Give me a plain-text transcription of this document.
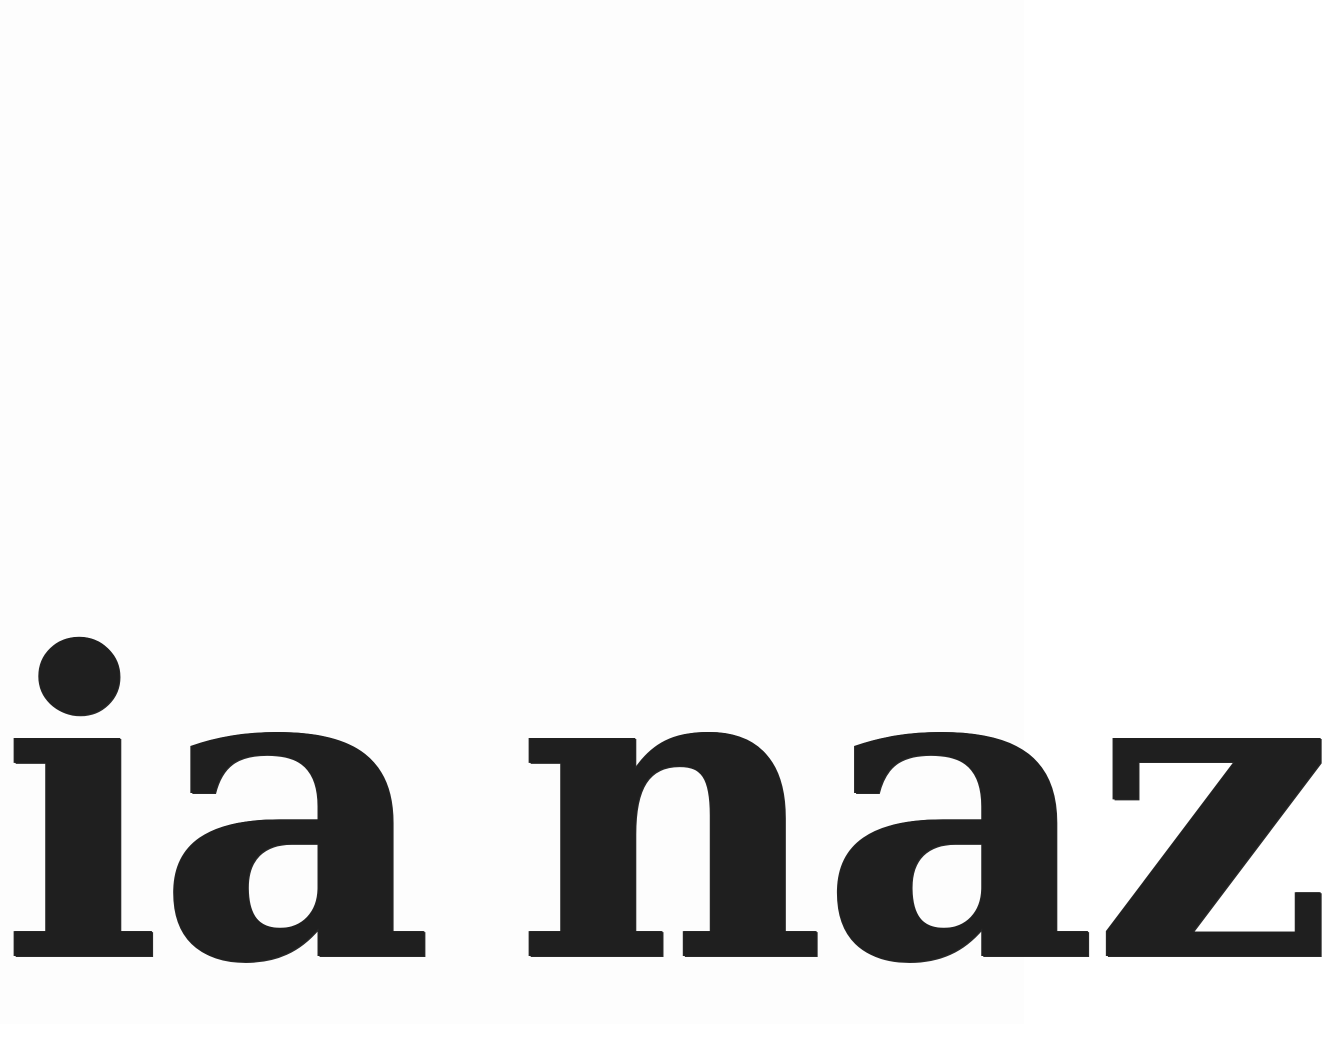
ia naz
